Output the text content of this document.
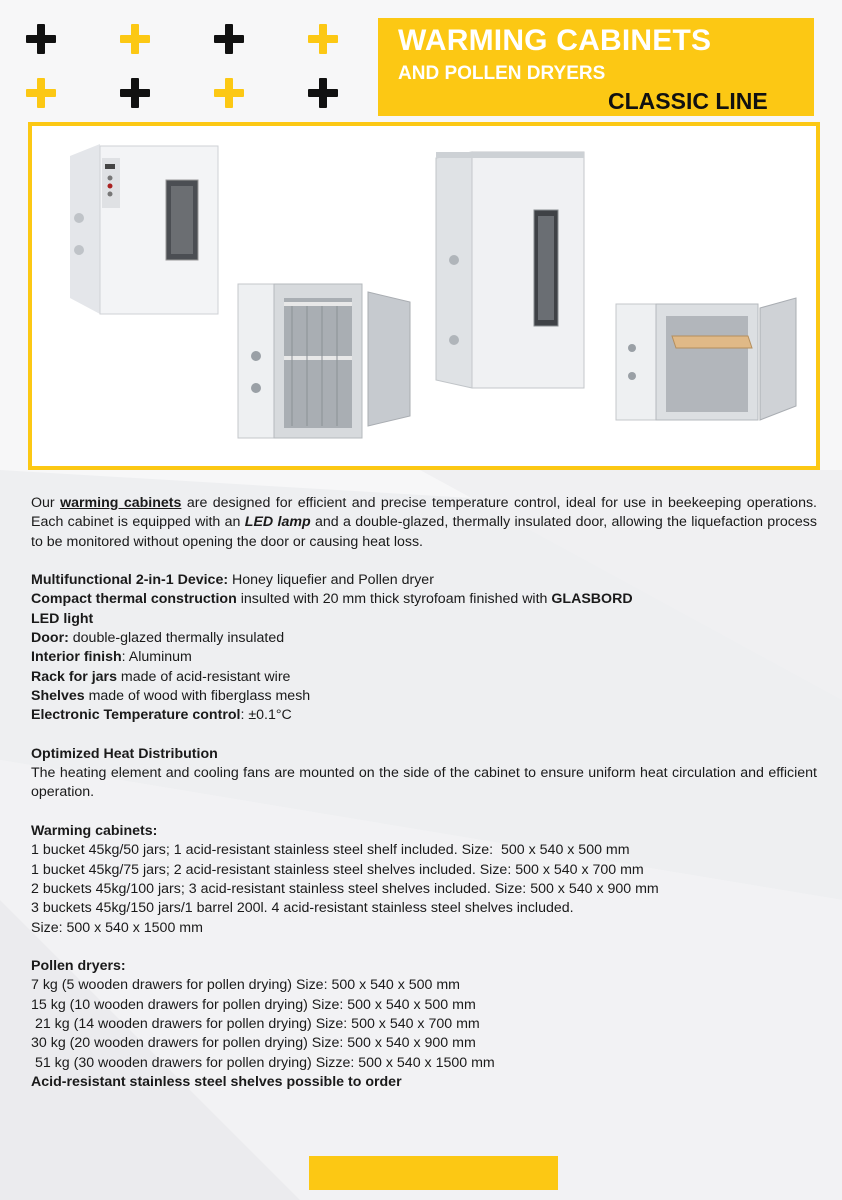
WARMING CABINETS
AND POLLEN DRYERS
CLASSIC LINE

Our warming cabinets are designed for efficient and precise temperature control, ideal for use in beekeeping operations. Each cabinet is equipped with an LED lamp and a double-glazed, thermally insulated door, allowing the liquefaction process to be monitored without opening the door or causing heat loss.

Multifunctional 2-in-1 Device: Honey liquefier and Pollen dryer

Compact thermal construction insulted with 20 mm thick styrofoam finished with GLASBORD

LED light

Door: double-glazed thermally insulated

Interior finish: Aluminum

Rack for jars made of acid-resistant wire

Shelves made of wood with fiberglass mesh

Electronic Temperature control: ±0.1°C

Optimized Heat Distribution

The heating element and cooling fans are mounted on the side of the cabinet to ensure uniform heat circulation and efficient operation.

Warming cabinets:

1 bucket 45kg/50 jars; 1 acid-resistant stainless steel shelf included. Size:  500 x 540 x 500 mm

1 bucket 45kg/75 jars; 2 acid-resistant stainless steel shelves included. Size: 500 x 540 x 700 mm

2 buckets 45kg/100 jars; 3 acid-resistant stainless steel shelves included. Size: 500 x 540 x 900 mm

3 buckets 45kg/150 jars/1 barrel 200l. 4 acid-resistant stainless steel shelves included.

Size: 500 x 540 x 1500 mm

Pollen dryers:

7 kg (5 wooden drawers for pollen drying) Size: 500 x 540 x 500 mm

15 kg (10 wooden drawers for pollen drying) Size: 500 x 540 x 500 mm

21 kg (14 wooden drawers for pollen drying) Size: 500 x 540 x 700 mm

30 kg (20 wooden drawers for pollen drying) Size: 500 x 540 x 900 mm

51 kg (30 wooden drawers for pollen drying) Sizze: 500 x 540 x 1500 mm

Acid-resistant stainless steel shelves possible to order
